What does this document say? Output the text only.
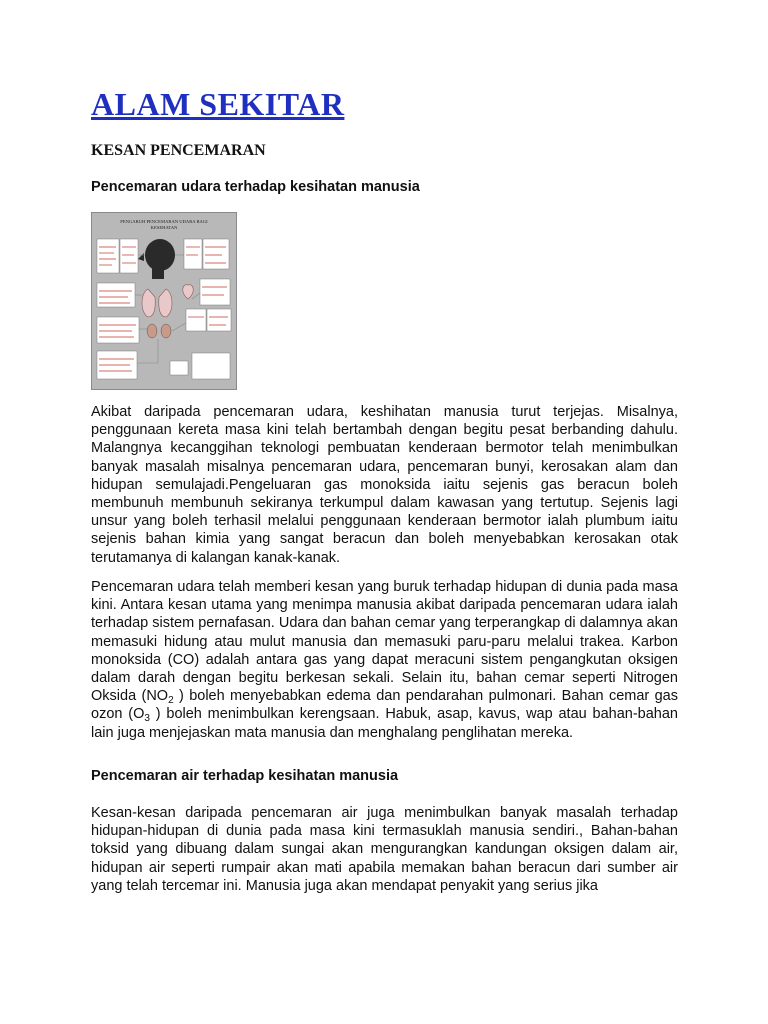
ALAM SEKITAR
KESAN PENCEMARAN
Pencemaran udara terhadap kesihatan manusia
PENGARUH PENCEMARAN UDARA BAGI
KESEHATAN

Akibat daripada pencemaran udara, keshihatan manusia turut terjejas. Misalnya, penggunaan kereta masa kini telah bertambah dengan begitu pesat berbanding dahulu. Malangnya kecanggihan teknologi pembuatan kenderaan bermotor telah menimbulkan banyak masalah misalnya pencemaran udara, pencemaran bunyi, kerosakan alam dan hidupan semulajadi.Pengeluaran gas monoksida iaitu sejenis gas beracun boleh membunuh membunuh sekiranya terkumpul dalam kawasan yang tertutup. Sejenis lagi unsur yang boleh terhasil melalui penggunaan kenderaan bermotor ialah plumbum iaitu sejenis bahan kimia yang sangat beracun dan boleh menyebabkan kerosakan otak terutamanya di kalangan kanak-kanak.

Pencemaran udara telah memberi kesan yang buruk terhadap hidupan di dunia pada masa kini. Antara kesan utama yang menimpa manusia akibat daripada pencemaran udara ialah terhadap sistem pernafasan. Udara dan bahan cemar yang terperangkap di dalamnya akan memasuki hidung atau mulut manusia dan memasuki paru-paru melalui trakea. Karbon monoksida (CO) adalah antara gas yang dapat meracuni sistem pengangkutan oksigen dalam darah dengan begitu berkesan sekali. Selain itu, bahan cemar seperti Nitrogen Oksida ($NO_2$ ) boleh menyebabkan edema dan pendarahan pulmonari. Bahan cemar gas ozon ($O_3$ ) boleh menimbulkan kerengsaan. Habuk, asap, kavus, wap atau bahan-bahan lain juga menjejaskan mata manusia dan menghalang penglihatan mereka.

Pencemaran air terhadap kesihatan manusia

Kesan-kesan daripada pencemaran air juga menimbulkan banyak masalah terhadap hidupan-hidupan di dunia pada masa kini termasuklah manusia sendiri., Bahan-bahan toksid yang dibuang dalam sungai akan mengurangkan kandungan oksigen dalam air, hidupan air seperti rumpair akan mati apabila memakan bahan beracun dari sumber air yang telah tercemar ini. Manusia juga akan mendapat penyakit yang serius jika
